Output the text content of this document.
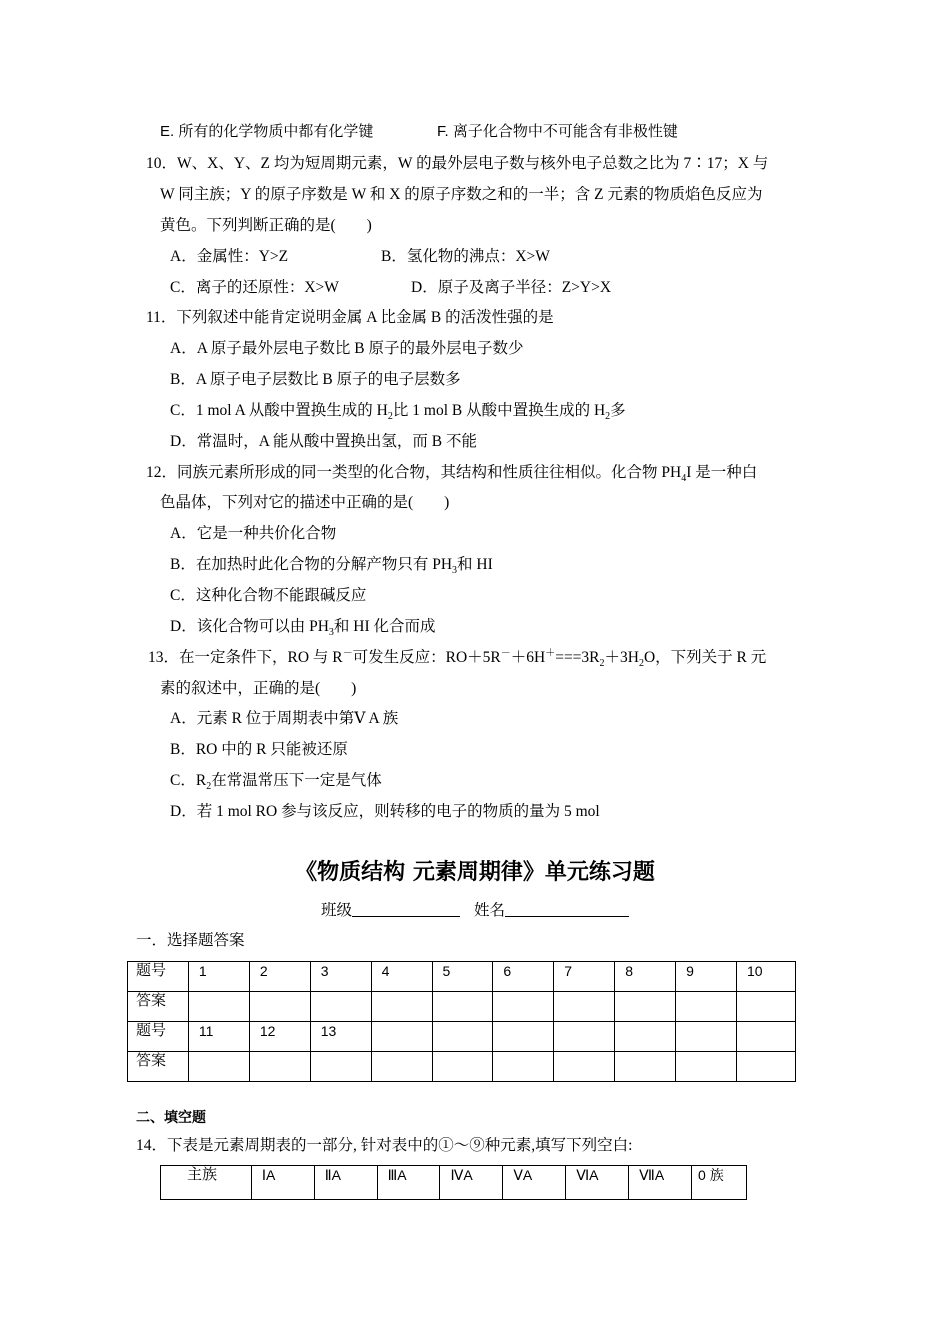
E. 所有的化学物质中都有化学键	F. 离子化合物中不可能含有非极性键
10．W、X、Y、Z 均为短周期元素，W 的最外层电子数与核外电子总数之比为 7∶17；X 与
W 同主族；Y 的原子序数是 W 和 X 的原子序数之和的一半；含 Z 元素的物质焰色反应为
黄色。下列判断正确的是(　　)
A．金属性：Y>Z	B．氢化物的沸点：X>W
C．离子的还原性：X>W	D．原子及离子半径：Z>Y>X
11．下列叙述中能肯定说明金属 A 比金属 B 的活泼性强的是
A．A 原子最外层电子数比 B 原子的最外层电子数少
B．A 原子电子层数比 B 原子的电子层数多
C．1 mol A 从酸中置换生成的 $H_2$比 1 mol B 从酸中置换生成的 $H_2$多
D．常温时，A 能从酸中置换出氢，而 B 不能
12．同族元素所形成的同一类型的化合物，其结构和性质往往相似。化合物 $PH_4I$ 是一种白
色晶体，下列对它的描述中正确的是(　　)
A．它是一种共价化合物
B．在加热时此化合物的分解产物只有 $PH_3$和 HI
C．这种化合物不能跟碱反应
D．该化合物可以由 $PH_3$和 HI 化合而成
13．在一定条件下，RO 与 R－可发生反应：$RO+5R^-+6H^+===3R_2+3H_2O$，下列关于 R 元
素的叙述中，正确的是(　　)
A．元素 R 位于周期表中第Ⅴ A 族
B．RO 中的 R 只能被还原
C．$R_2$在常温常压下一定是气体
D．若 1 mol RO 参与该反应，则转移的电子的物质的量为 5 mol
《物质结构 元素周期律》单元练习题
班级	姓名
一．选择题答案
题号	1	2	3	4	5	6	7	8	9	10
答案										
题号	11	12	13							
答案										
二、填空题
14．下表是元素周期表的一部分, 针对表中的①～⑨种元素,填写下列空白:
主族	ⅠA	ⅡA	ⅢA	ⅣA	ⅤA	ⅥA	ⅦA	0 族
